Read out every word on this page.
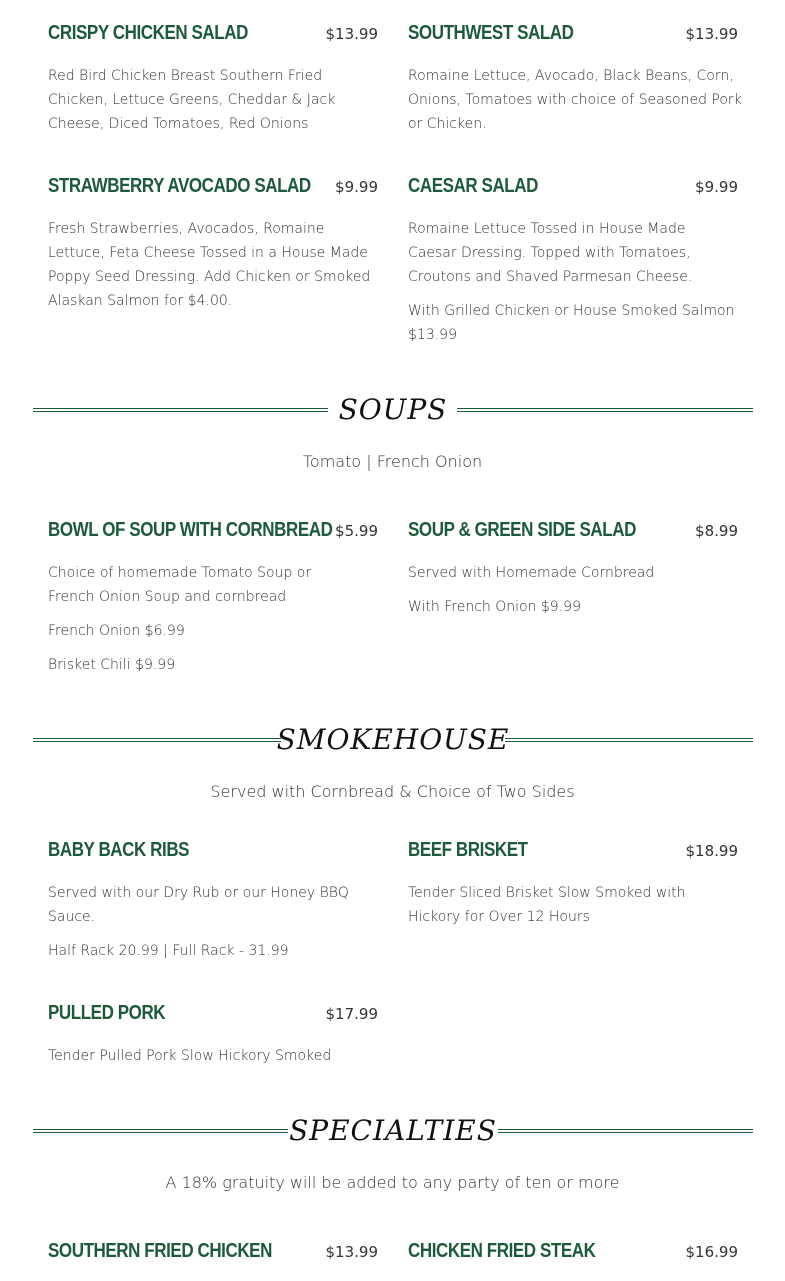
CRISPY CHICKEN SALAD	$13.99
Red Bird Chicken Breast Southern Fried Chicken, Lettuce Greens, Cheddar & Jack Cheese, Diced Tomatoes, Red Onions
SOUTHWEST SALAD	$13.99
Romaine Lettuce, Avocado, Black Beans, Corn, Onions, Tomatoes with choice of Seasoned Pork or Chicken.
STRAWBERRY AVOCADO SALAD $9.99
Fresh Strawberries, Avocados, Romaine Lettuce, Feta Cheese Tossed in a House Made Poppy Seed Dressing. Add Chicken or Smoked Alaskan Salmon for $4.00.
CAESAR SALAD	$9.99
Romaine Lettuce Tossed in House Made Caesar Dressing. Topped with Tomatoes, Croutons and Shaved Parmesan Cheese.
With Grilled Chicken or House Smoked Salmon $13.99
SOUPS
Tomato | French Onion
BOWL OF SOUP WITH CORNBREAD $5.99
Choice of homemade Tomato Soup or French Onion Soup and cornbread
French Onion $6.99
Brisket Chili $9.99
SOUP & GREEN SIDE SALAD	$8.99
Served with Homemade Cornbread
With French Onion $9.99
SMOKEHOUSE
Served with Cornbread & Choice of Two Sides
BABY BACK RIBS
Served with our Dry Rub or our Honey BBQ Sauce.
Half Rack 20.99 | Full Rack - 31.99
BEEF BRISKET	$18.99
Tender Sliced Brisket Slow Smoked with Hickory for Over 12 Hours
PULLED PORK	$17.99
Tender Pulled Pork Slow Hickory Smoked
SPECIALTIES
A 18% gratuity will be added to any party of ten or more
SOUTHERN FRIED CHICKEN	$13.99 CHICKEN FRIED STEAK	$16.99
